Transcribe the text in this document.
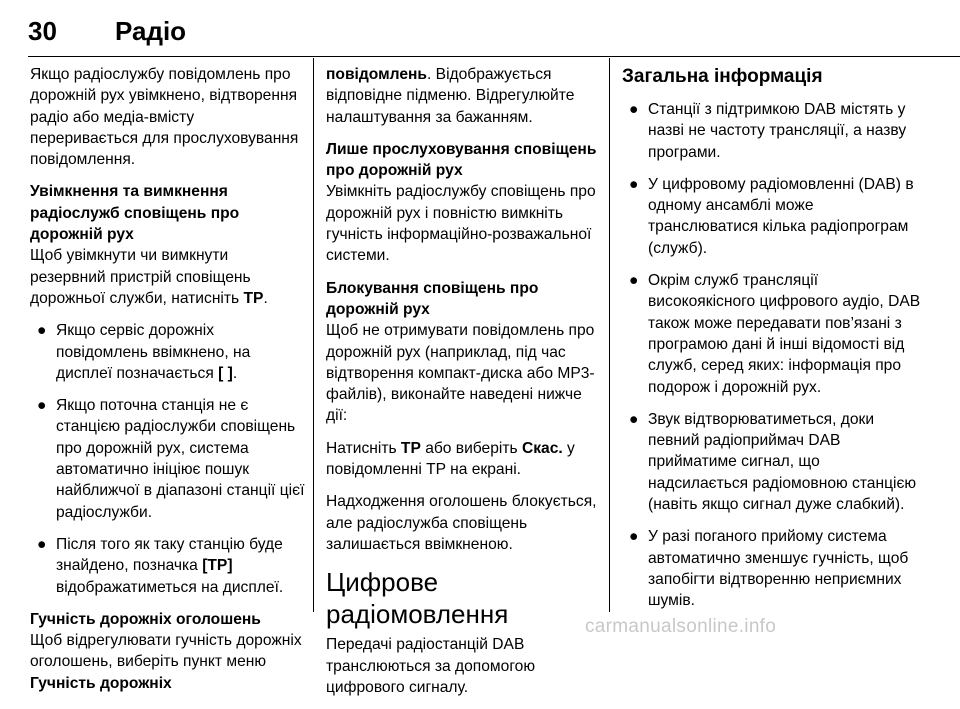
30 Радіо

Якщо радіослужбу повідомлень про дорожній рух увімкнено, відтворення радіо або медіа-вмісту переривається для прослуховування повідомлення.

Увімкнення та вимкнення радіослужб сповіщень про дорожній рух

Щоб увімкнути чи вимкнути резервний пристрій сповіщень дорожньої служби, натисніть TP.

● Якщо сервіс дорожніх повідомлень ввімкнено, на дисплеї позначається [ ].
● Якщо поточна станція не є станцією радіослужби сповіщень про дорожній рух, система автоматично ініціює пошук найближчої в діапазоні станції цієї радіослужби.
● Після того як таку станцію буде знайдено, позначка [TP] відображатиметься на дисплеї.

Гучність дорожніх оголошень

Щоб відрегулювати гучність дорожніх оголошень, виберіть пункт меню Гучність дорожніх

повідомлень. Відображується відповідне підменю. Відрегулюйте налаштування за бажанням.

Лише прослуховування сповіщень про дорожній рух

Увімкніть радіослужбу сповіщень про дорожній рух і повністю вимкніть гучність інформаційно-розважальної системи.

Блокування сповіщень про дорожній рух

Щоб не отримувати повідомлень про дорожній рух (наприклад, під час відтворення компакт-диска або MP3-файлів), виконайте наведені нижче дії:

Натисніть TP або виберіть Скас. у повідомленні TP на екрані.

Надходження оголошень блокується, але радіослужба сповіщень залишається ввімкненою.

Цифрове радіомовлення

Передачі радіостанцій DAB транслюються за допомогою цифрового сигналу.

Загальна інформація

● Станції з підтримкою DAB містять у назві не частоту трансляції, а назву програми.
● У цифровому радіомовленні (DAB) в одному ансамблі може транслюватися кілька радіопрограм (служб).
● Окрім служб трансляції високоякісного цифрового аудіо, DAB також може передавати пов’язані з програмою дані й інші відомості від служб, серед яких: інформація про подорож і дорожній рух.
● Звук відтворюватиметься, доки певний радіоприймач DAB прийматиме сигнал, що надсилається радіомовною станцією (навіть якщо сигнал дуже слабкий).
● У разі поганого прийому система автоматично зменшує гучність, щоб запобігти відтворенню неприємних шумів.
carmanualsonline.info
